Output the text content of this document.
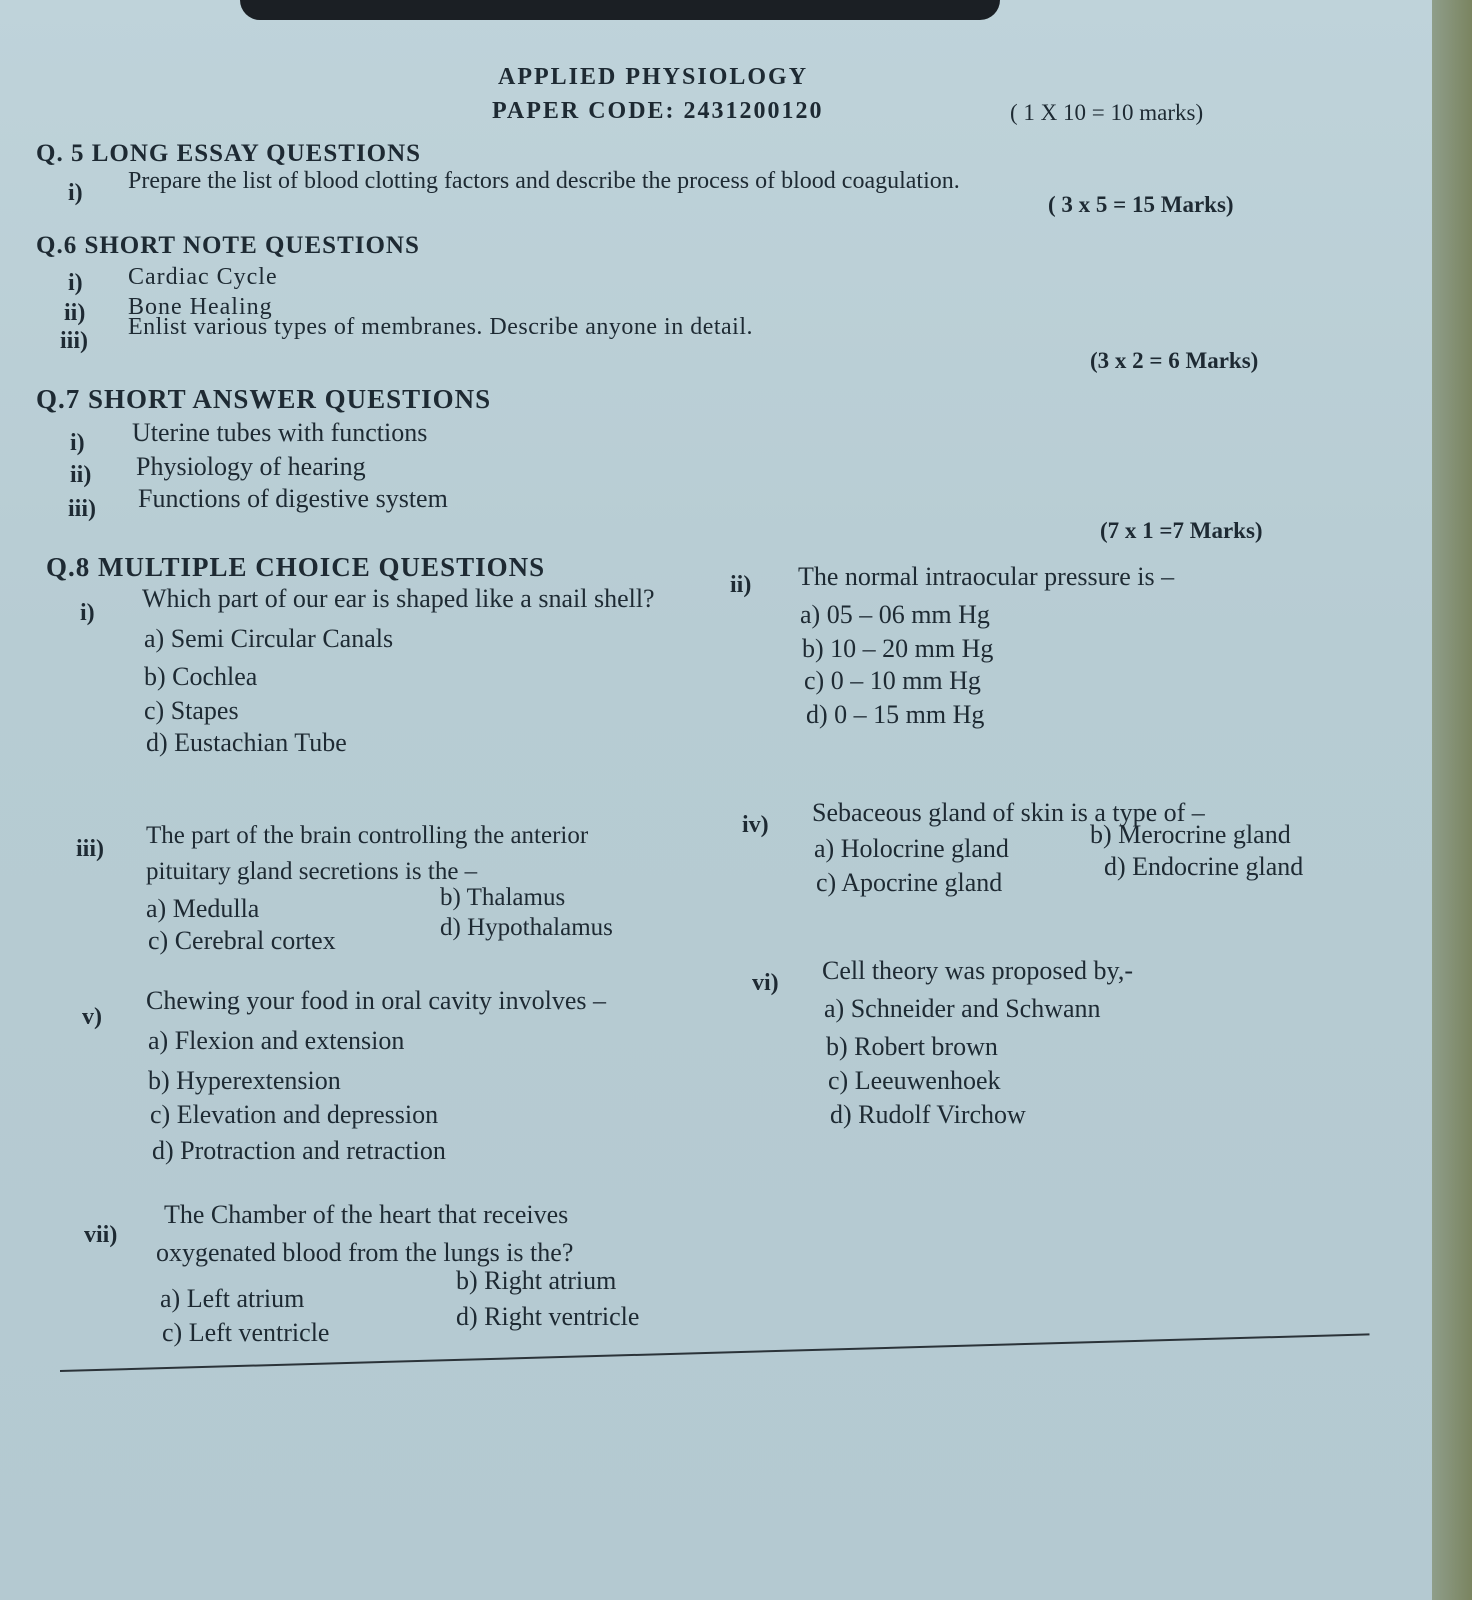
APPLIED PHYSIOLOGY
PAPER CODE: 2431200120	( 1 X 10 = 10 marks)
Q. 5 LONG ESSAY QUESTIONS
i) Prepare the list of blood clotting factors and describe the process of blood coagulation.
( 3 x 5 = 15 Marks)
Q.6 SHORT NOTE QUESTIONS
i) Cardiac Cycle
ii) Bone Healing
iii)
Enlist various types of membranes. Describe anyone in detail.
(3 x 2 = 6 Marks)
Q.7 SHORT ANSWER QUESTIONS
i) Uterine tubes with functions
ii) Physiology of hearing
iii) Functions of digestive system
(7 x 1 =7 Marks)
Q.8 MULTIPLE CHOICE QUESTIONS
i) Which part of our ear is shaped like a snail shell?
a) Semi Circular Canals
b) Cochlea
c) Stapes
d) Eustachian Tube
ii) The normal intraocular pressure is –
a) 05 – 06 mm Hg
b) 10 – 20 mm Hg
c) 0 – 10 mm Hg
d) 0 – 15 mm Hg
iii) The part of the brain controlling the anterior
pituitary gland secretions is the –
a) Medulla	b) Thalamus
c) Cerebral cortex	d) Hypothalamus
iv) Sebaceous gland of skin is a type of –
a) Holocrine gland	b) Merocrine gland
c) Apocrine gland
d) Endocrine gland
v)
Chewing your food in oral cavity involves –
a) Flexion and extension
b) Hyperextension
c) Elevation and depression
d) Protraction and retraction
vi) Cell theory was proposed by,-
a) Schneider and Schwann
b) Robert brown
c) Leeuwenhoek
d) Rudolf Virchow
vii)
The Chamber of the heart that receives
oxygenated blood from the lungs is the?
a) Left atrium
b) Right atrium
c) Left ventricle
d) Right ventricle
